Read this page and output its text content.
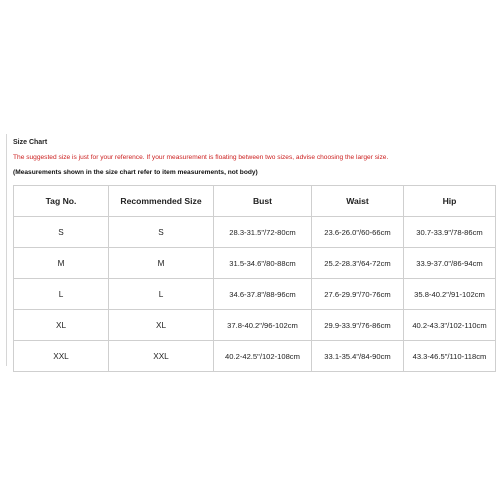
Size Chart
The suggested size is just for your reference. If your measurement is floating between two sizes, advise choosing the larger size.
(Measurements shown in the size chart refer to item measurements, not body)
Tag No.	Recommended Size	Bust	Waist	Hip
S	S	28.3-31.5"/72-80cm	23.6-26.0"/60-66cm	30.7-33.9"/78-86cm
M	M	31.5-34.6"/80-88cm	25.2-28.3"/64-72cm	33.9-37.0"/86-94cm
L	L	34.6-37.8"/88-96cm	27.6-29.9"/70-76cm	35.8-40.2"/91-102cm
XL	XL	37.8-40.2"/96-102cm	29.9-33.9"/76-86cm	40.2-43.3"/102-110cm
XXL	XXL	40.2-42.5"/102-108cm	33.1-35.4"/84-90cm	43.3-46.5"/110-118cm
